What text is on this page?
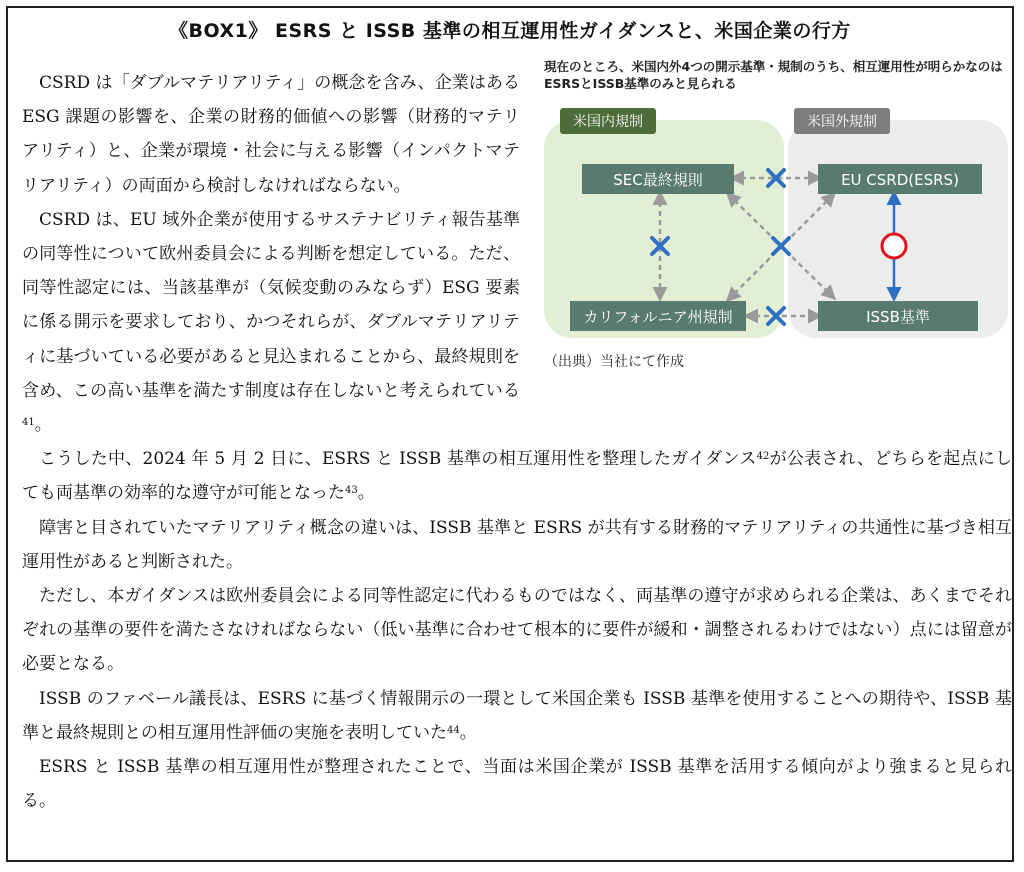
《BOX1》 ESRS と ISSB 基準の相互運用性ガイダンスと、米国企業の行方
現在のところ、米国内外4つの開示基準・規制のうち、相互運用性が明らかなのはESRSとISSB基準のみと見られる
米国内規制	米国外規制
SEC最終規則	EU CSRD(ESRS)
カリフォルニア州規制	ISSB基準
（出典）当社にて作成

CSRD は「ダブルマテリアリティ」の概念を含み、企業はある ESG 課題の影響を、企業の財務的価値への影響（財務的マテリアリティ）と、企業が環境・社会に与える影響（インパクトマテリアリティ）の両面から検討しなければならない。

CSRD は、EU 域外企業が使用するサステナビリティ報告基準の同等性について欧州委員会による判断を想定している。ただ、同等性認定には、当該基準が（気候変動のみならず）ESG 要素に係る開示を要求しており、かつそれらが、ダブルマテリアリティに基づいている必要があると見込まれることから、最終規則を含め、この高い基準を満たす制度は存在しないと考えられている$^{41}$。

こうした中、2024 年 5 月 2 日に、ESRS と ISSB 基準の相互運用性を整理したガイダンス$^{42}$が公表され、どちらを起点にしても両基準の効率的な遵守が可能となった$^{43}$。

障害と目されていたマテリアリティ概念の違いは、ISSB 基準と ESRS が共有する財務的マテリアリティの共通性に基づき相互運用性があると判断された。

ただし、本ガイダンスは欧州委員会による同等性認定に代わるものではなく、両基準の遵守が求められる企業は、あくまでそれぞれの基準の要件を満たさなければならない（低い基準に合わせて根本的に要件が緩和・調整されるわけではない）点には留意が必要となる。

ISSB のファベール議長は、ESRS に基づく情報開示の一環として米国企業も ISSB 基準を使用することへの期待や、ISSB 基準と最終規則との相互運用性評価の実施を表明していた$^{44}$。

ESRS と ISSB 基準の相互運用性が整理されたことで、当面は米国企業が ISSB 基準を活用する傾向がより強まると見られる。
